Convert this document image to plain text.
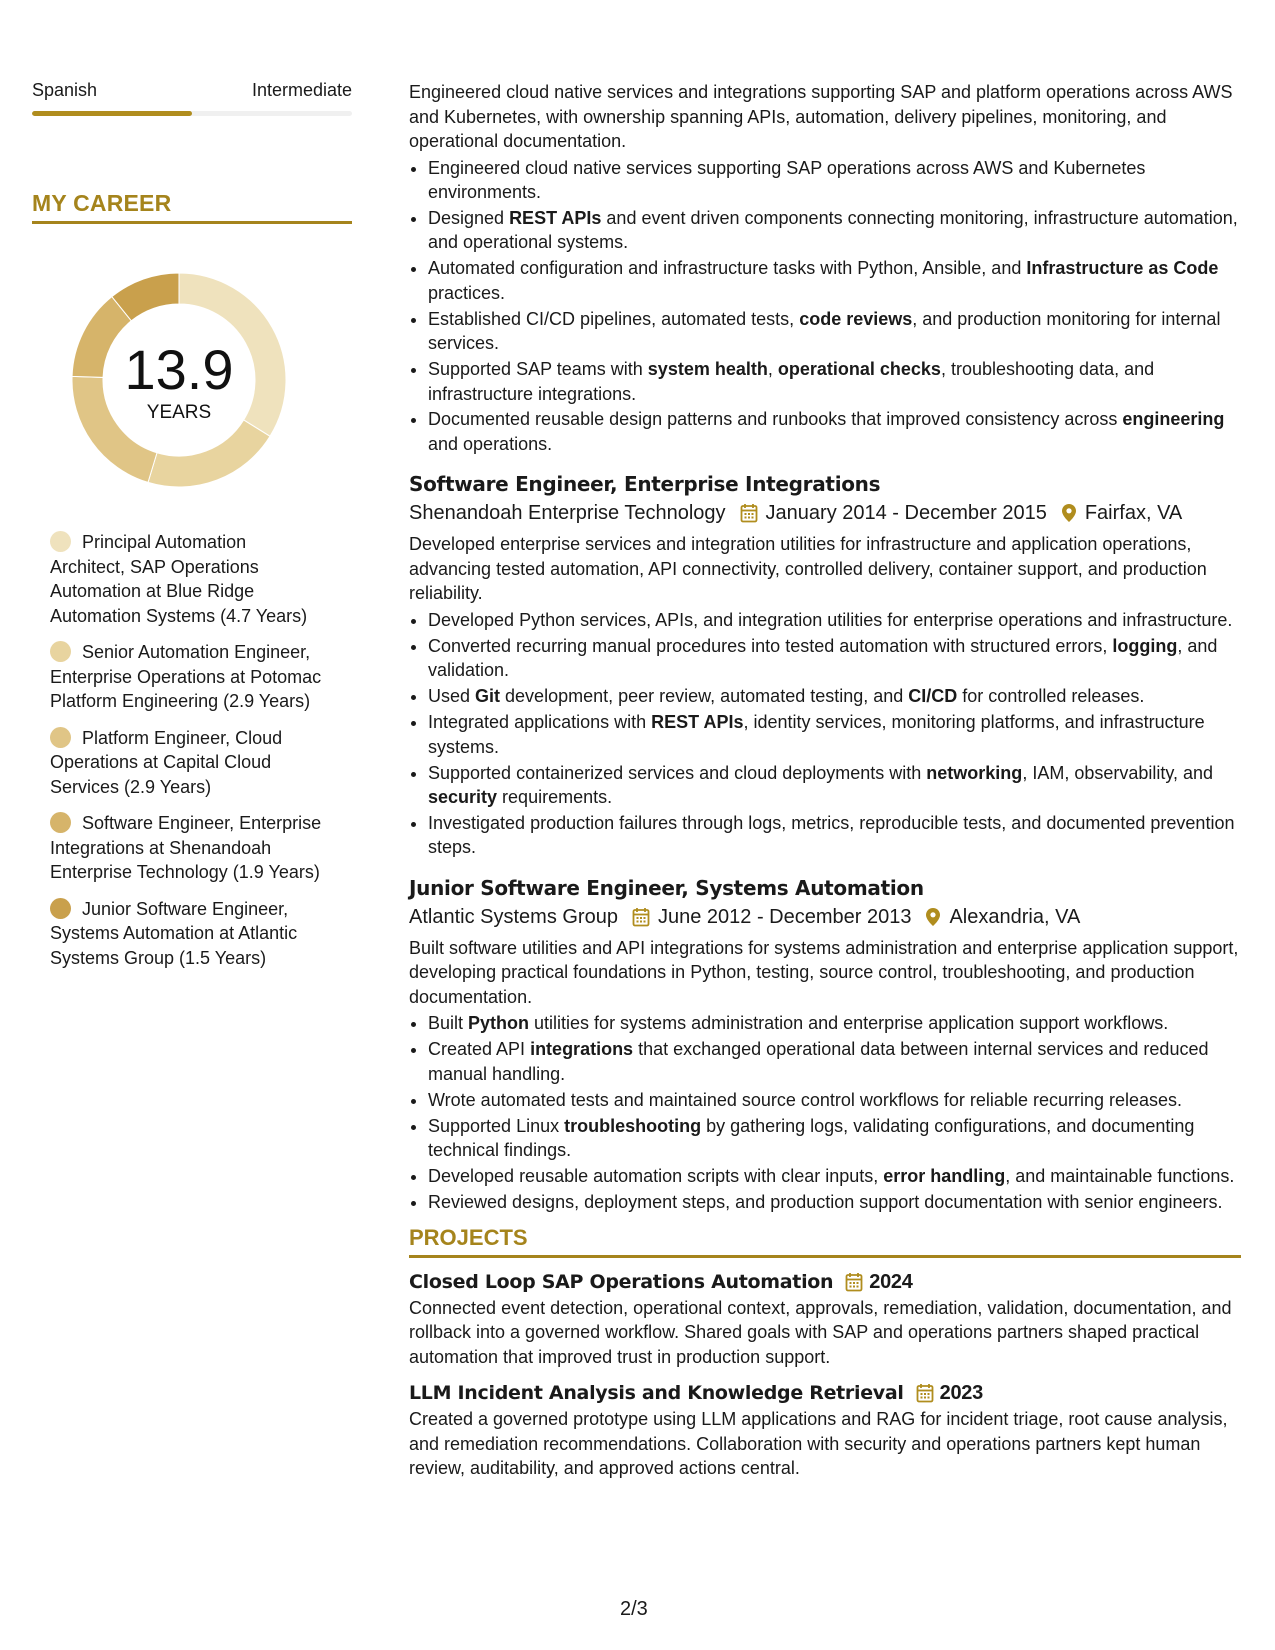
Spanish	Intermediate
MY CAREER
13.9
YEARS
Principal Automation Architect, SAP Operations Automation at Blue Ridge Automation Systems (4.7 Years)
Senior Automation Engineer, Enterprise Operations at Potomac Platform Engineering (2.9 Years)
Platform Engineer, Cloud Operations at Capital Cloud Services (2.9 Years)
Software Engineer, Enterprise Integrations at Shenandoah Enterprise Technology (1.9 Years)
Junior Software Engineer, Systems Automation at Atlantic Systems Group (1.5 Years)

Engineered cloud native services and integrations supporting SAP and platform operations across AWS and Kubernetes, with ownership spanning APIs, automation, delivery pipelines, monitoring, and operational documentation.

• Engineered cloud native services supporting SAP operations across AWS and Kubernetes environments.
• Designed REST APIs and event driven components connecting monitoring, infrastructure automation, and operational systems.
• Automated configuration and infrastructure tasks with Python, Ansible, and Infrastructure as Code practices.
• Established CI/CD pipelines, automated tests, code reviews, and production monitoring for internal services.
• Supported SAP teams with system health, operational checks, troubleshooting data, and infrastructure integrations.
• Documented reusable design patterns and runbooks that improved consistency across engineering and operations.
Software Engineer, Enterprise Integrations
Shenandoah Enterprise Technology January 2014 - December 2015 Fairfax, VA

Developed enterprise services and integration utilities for infrastructure and application operations, advancing tested automation, API connectivity, controlled delivery, container support, and production reliability.

• Developed Python services, APIs, and integration utilities for enterprise operations and infrastructure.
• Converted recurring manual procedures into tested automation with structured errors, logging, and validation.
• Used Git development, peer review, automated testing, and CI/CD for controlled releases.
• Integrated applications with REST APIs, identity services, monitoring platforms, and infrastructure systems.
• Supported containerized services and cloud deployments with networking, IAM, observability, and security requirements.
• Investigated production failures through logs, metrics, reproducible tests, and documented prevention steps.
Junior Software Engineer, Systems Automation
Atlantic Systems Group June 2012 - December 2013 Alexandria, VA

Built software utilities and API integrations for systems administration and enterprise application support, developing practical foundations in Python, testing, source control, troubleshooting, and production documentation.

• Built Python utilities for systems administration and enterprise application support workflows.
• Created API integrations that exchanged operational data between internal services and reduced manual handling.
• Wrote automated tests and maintained source control workflows for reliable recurring releases.
• Supported Linux troubleshooting by gathering logs, validating configurations, and documenting technical findings.
• Developed reusable automation scripts with clear inputs, error handling, and maintainable functions.
• Reviewed designs, deployment steps, and production support documentation with senior engineers.
PROJECTS
Closed Loop SAP Operations Automation 2024

Connected event detection, operational context, approvals, remediation, validation, documentation, and rollback into a governed workflow. Shared goals with SAP and operations partners shaped practical automation that improved trust in production support.

LLM Incident Analysis and Knowledge Retrieval 2023

Created a governed prototype using LLM applications and RAG for incident triage, root cause analysis, and remediation recommendations. Collaboration with security and operations partners kept human review, auditability, and approved actions central.

2/3
